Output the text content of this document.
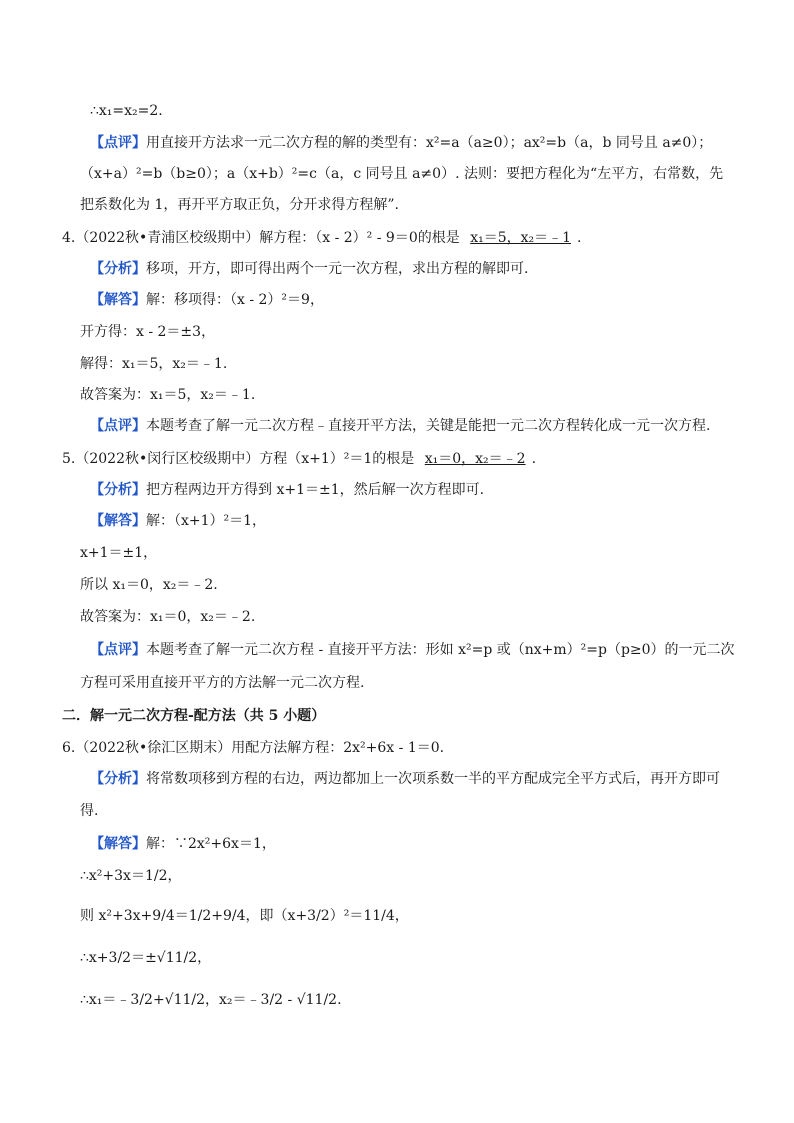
∴x₁=x₂=2.
【点评】用直接开方法求一元二次方程的解的类型有：x²=a（a≥0）；ax²=b（a，b 同号且 a≠0）；
（x+a）²=b（b≥0）；a（x+b）²=c（a，c 同号且 a≠0）. 法则：要把方程化为“左平方，右常数，先
把系数化为 1，再开平方取正负，分开求得方程解”.
4.（2022秋•青浦区校级期中）解方程：（x - 2）² - 9＝0的根是 x₁＝5，x₂＝﹣1 .
【分析】移项，开方，即可得出两个一元一次方程，求出方程的解即可.
【解答】解：移项得：（x - 2）²＝9，
开方得：x - 2＝±3，
解得：x₁＝5，x₂＝﹣1.
故答案为：x₁＝5，x₂＝﹣1.
【点评】本题考查了解一元二次方程﹣直接开平方法，关键是能把一元二次方程转化成一元一次方程.
5.（2022秋•闵行区校级期中）方程（x+1）²＝1的根是 x₁＝0，x₂＝﹣2 .
【分析】把方程两边开方得到 x+1＝±1，然后解一次方程即可.
【解答】解：（x+1）²＝1，
x+1＝±1，
所以 x₁＝0，x₂＝﹣2.
故答案为：x₁＝0，x₂＝﹣2.
【点评】本题考查了解一元二次方程 - 直接开平方法：形如 x²=p 或（nx+m）²=p（p≥0）的一元二次
方程可采用直接开平方的方法解一元二次方程.
二．解一元二次方程-配方法（共 5 小题）
6.（2022秋•徐汇区期末）用配方法解方程：2x²+6x - 1＝0.
【分析】将常数项移到方程的右边，两边都加上一次项系数一半的平方配成完全平方式后，再开方即可
得.
【解答】解：∵2x²+6x＝1，
∴x²+3x＝1/2，
则 x²+3x+9/4＝1/2+9/4，即（x+3/2）²＝11/4，
∴x+3/2＝±√11/2，
∴x₁＝﹣3/2+√11/2，x₂＝﹣3/2 - √11/2.
